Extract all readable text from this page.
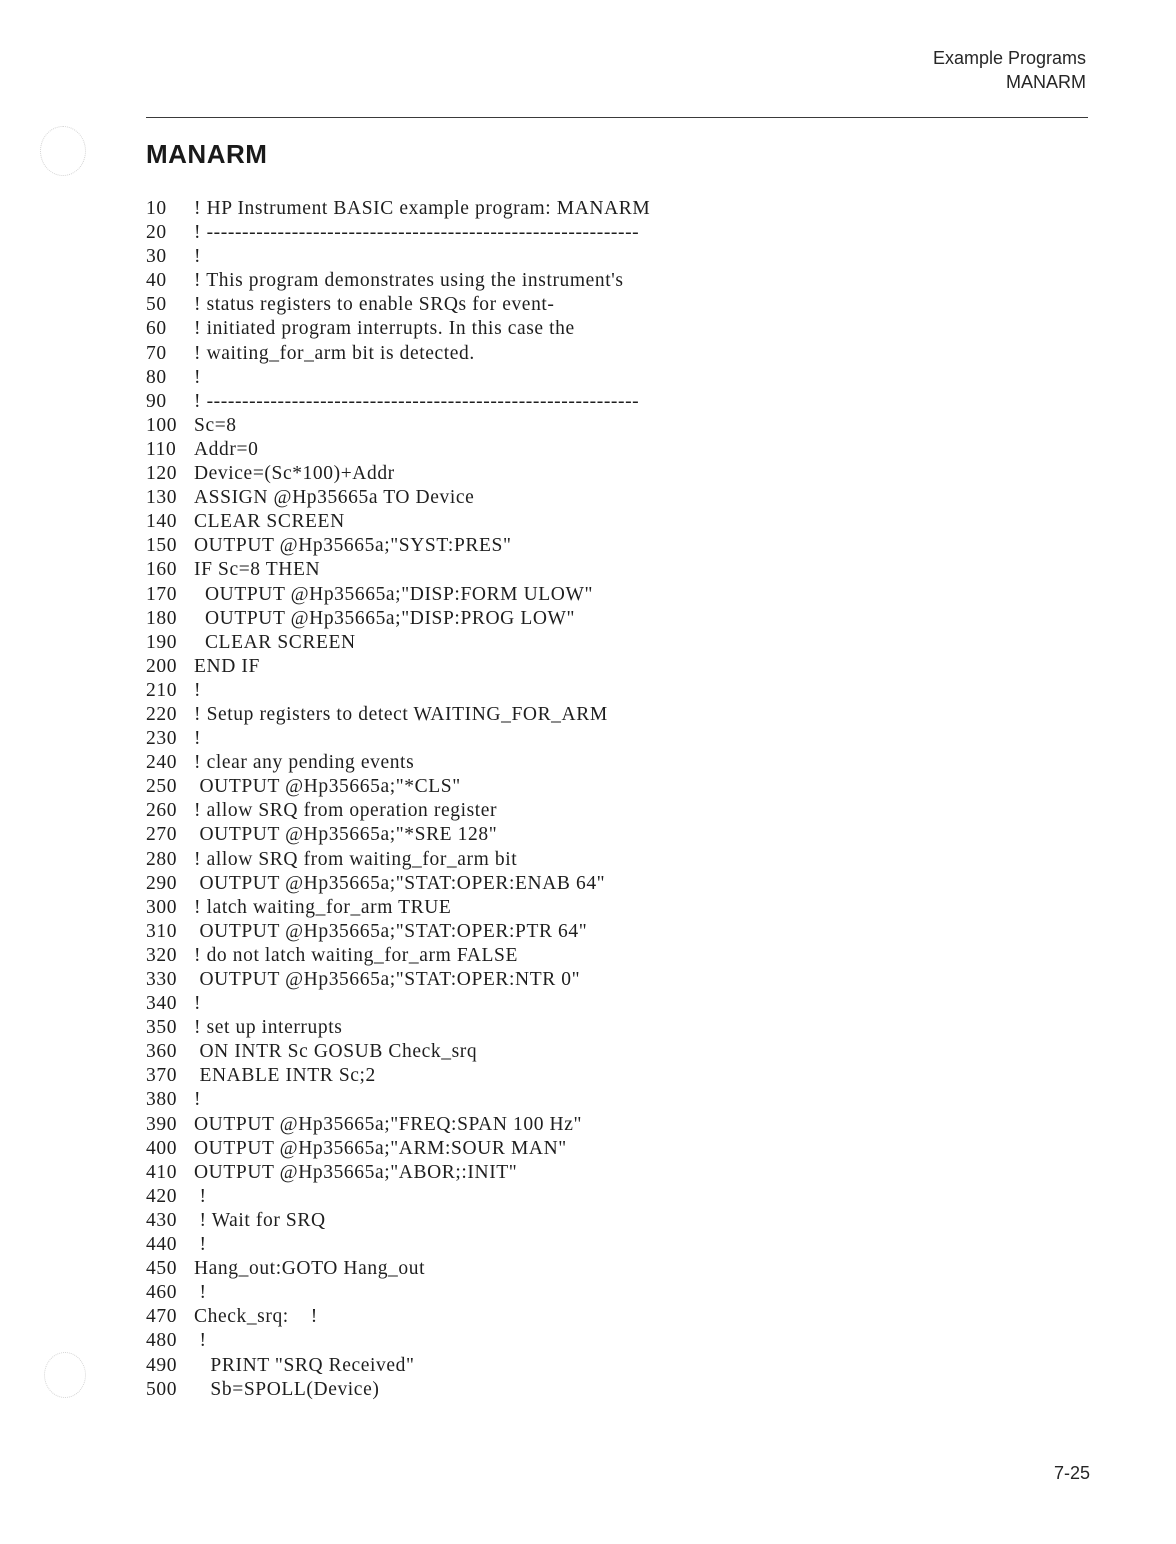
Example Programs
MANARM
MANARM
10 ! HP Instrument BASIC example program: MANARM
20 ! -------------------------------------------------------------
30 !
40 ! This program demonstrates using the instrument's
50 ! status registers to enable SRQs for event-
60 ! initiated program interrupts. In this case the
70 ! waiting_for_arm bit is detected.
80 !
90 ! -------------------------------------------------------------
100 Sc=8
110 Addr=0
120 Device=(Sc*100)+Addr
130 ASSIGN @Hp35665a TO Device
140 CLEAR SCREEN
150 OUTPUT @Hp35665a;"SYST:PRES"
160 IF Sc=8 THEN
170  OUTPUT @Hp35665a;"DISP:FORM ULOW"
180  OUTPUT @Hp35665a;"DISP:PROG LOW"
190  CLEAR SCREEN
200 END IF
210 !
220 ! Setup registers to detect WAITING_FOR_ARM
230 !
240 ! clear any pending events
250 OUTPUT @Hp35665a;"*CLS"
260 ! allow SRQ from operation register
270 OUTPUT @Hp35665a;"*SRE 128"
280 ! allow SRQ from waiting_for_arm bit
290 OUTPUT @Hp35665a;"STAT:OPER:ENAB 64"
300 ! latch waiting_for_arm TRUE
310 OUTPUT @Hp35665a;"STAT:OPER:PTR 64"
320 ! do not latch waiting_for_arm FALSE
330 OUTPUT @Hp35665a;"STAT:OPER:NTR 0"
340 !
350 ! set up interrupts
360 ON INTR Sc GOSUB Check_srq
370 ENABLE INTR Sc;2
380 !
390 OUTPUT @Hp35665a;"FREQ:SPAN 100 Hz"
400 OUTPUT @Hp35665a;"ARM:SOUR MAN"
410 OUTPUT @Hp35665a;"ABOR;:INIT"
420 !
430 ! Wait for SRQ
440 !
450 Hang_out:GOTO Hang_out
460 !
470 Check_srq:    !
480 !
490   PRINT "SRQ Received"
500   Sb=SPOLL(Device)
7-25
